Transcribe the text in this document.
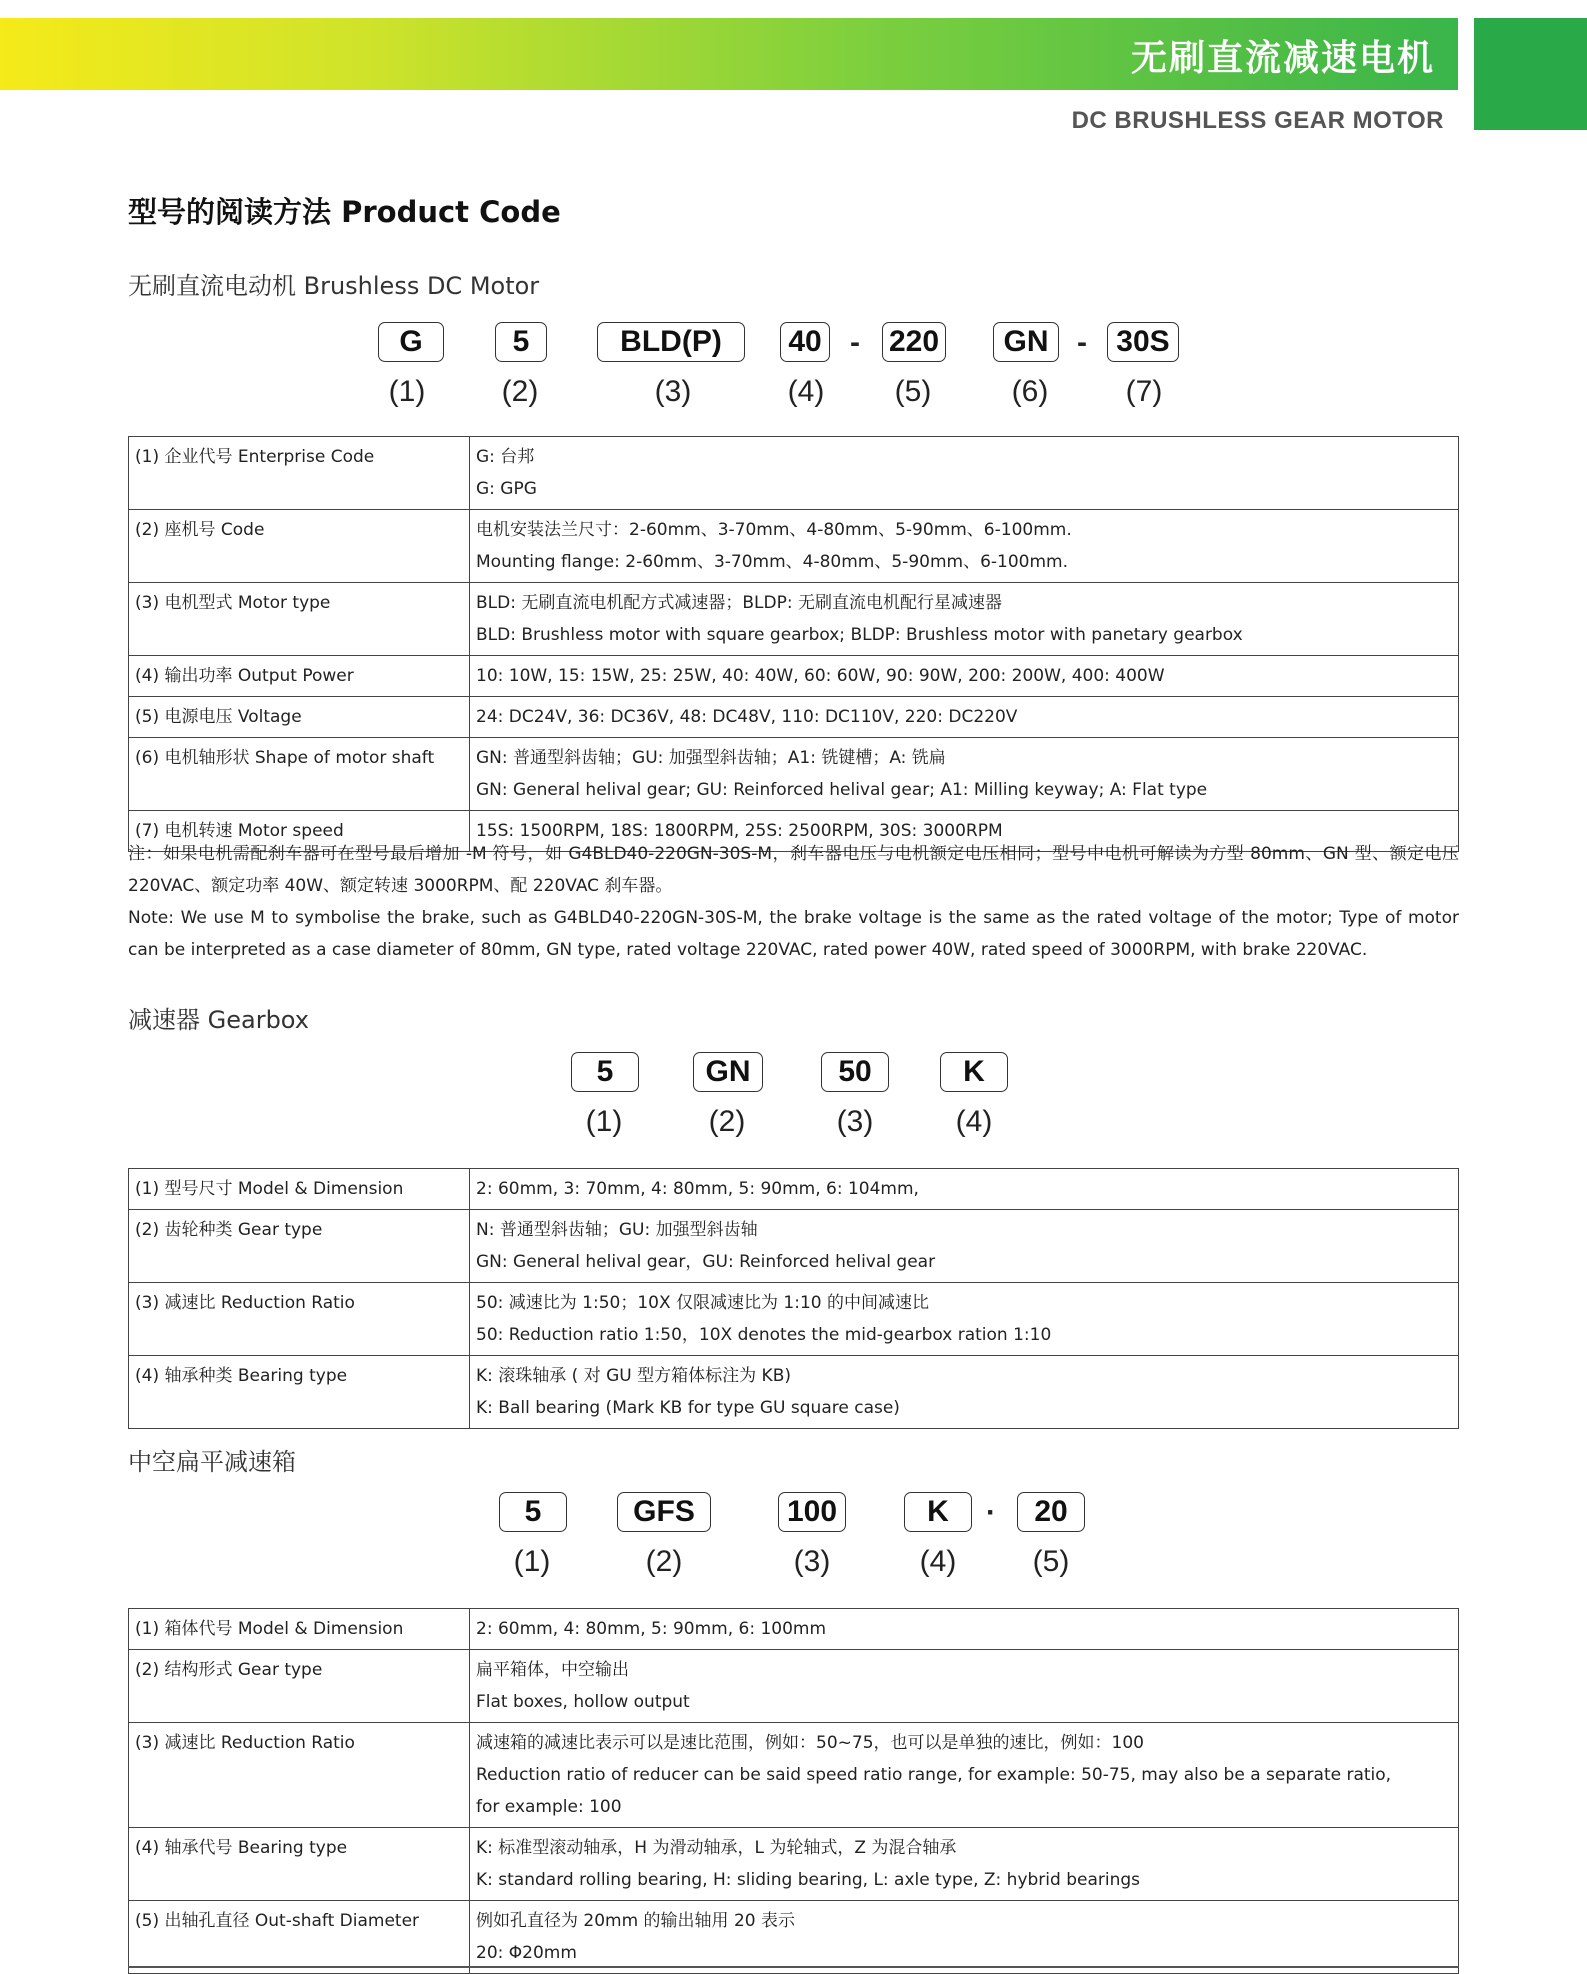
无刷直流减速电机
DC BRUSHLESS GEAR MOTOR
型号的阅读方法 Product Code
无刷直流电动机 Brushless DC Motor
G	5	BLD(P)	40 - 220	GN - 30S
(1)	(2)	(3)	(4) (5)	(6)	(7)
(1) 企业代号 Enterprise Code	G: 台邦
G: GPG

(2) 座机号 Code	电机安装法兰尺寸：2-60mm、3-70mm、4-80mm、5-90mm、6-100mm.
Mounting flange: 2-60mm、3-70mm、4-80mm、5-90mm、6-100mm.

(3) 电机型式 Motor type	BLD: 无刷直流电机配方式减速器；BLDP: 无刷直流电机配行星减速器
BLD: Brushless motor with square gearbox; BLDP: Brushless motor with panetary gearbox

(4) 输出功率 Output Power	10: 10W, 15: 15W, 25: 25W, 40: 40W, 60: 60W, 90: 90W, 200: 200W, 400: 400W

(5) 电源电压 Voltage	24: DC24V, 36: DC36V, 48: DC48V, 110: DC110V, 220: DC220V

(6) 电机轴形状 Shape of motor shaft	GN: 普通型斜齿轴；GU: 加强型斜齿轴；A1: 铣键槽；A: 铣扁
GN: General helival gear; GU: Reinforced helival gear; A1: Milling keyway; A: Flat type

(7) 电机转速 Motor speed	15S: 1500RPM, 18S: 1800RPM, 25S: 2500RPM, 30S: 3000RPM

注：如果电机需配刹车器可在型号最后增加 -M 符号，如 G4BLD40-220GN-30S-M，刹车器电压与电机额定电压相同；型号中电机可解读为方型 80mm、GN 型、额定电压 220VAC、额定功率 40W、额定转速 3000RPM、配 220VAC 刹车器。

Note: We use M to symbolise the brake, such as G4BLD40-220GN-30S-M, the brake voltage is the same as the rated voltage of the motor; Type of motor can be interpreted as a case diameter of 80mm, GN type, rated voltage 220VAC, rated power 40W, rated speed of 3000RPM, with brake 220VAC.

减速器 Gearbox
5	GN	50	K
(1)	(2)	(3)	(4)
(1) 型号尺寸 Model & Dimension	2: 60mm, 3: 70mm, 4: 80mm, 5: 90mm, 6: 104mm,

(2) 齿轮种类 Gear type	N: 普通型斜齿轴；GU: 加强型斜齿轴
GN: General helival gear，GU: Reinforced helival gear

(3) 减速比 Reduction Ratio	50: 减速比为 1:50；10X 仅限减速比为 1:10 的中间减速比
50: Reduction ratio 1:50，10X denotes the mid-gearbox ration 1:10

(4) 轴承种类 Bearing type	K: 滚珠轴承 ( 对 GU 型方箱体标注为 KB)
K: Ball bearing (Mark KB for type GU square case)
中空扁平减速箱
5	GFS	100	K	·	20
(1)	(2)	(3)	(4)	(5)
(1) 箱体代号 Model & Dimension	2: 60mm, 4: 80mm, 5: 90mm, 6: 100mm

(2) 结构形式 Gear type	扁平箱体，中空输出
Flat boxes, hollow output

(3) 减速比 Reduction Ratio	减速箱的减速比表示可以是速比范围，例如：50~75，也可以是单独的速比，例如：100
Reduction ratio of reducer can be said speed ratio range, for example: 50-75, may also be a separate ratio,
for example: 100

(4) 轴承代号 Bearing type	K: 标准型滚动轴承，H 为滑动轴承，L 为轮轴式，Z 为混合轴承
K: standard rolling bearing, H: sliding bearing, L: axle type, Z: hybrid bearings

(5) 出轴孔直径 Out-shaft Diameter	例如孔直径为 20mm 的输出轴用 20 表示
20: Φ20mm
